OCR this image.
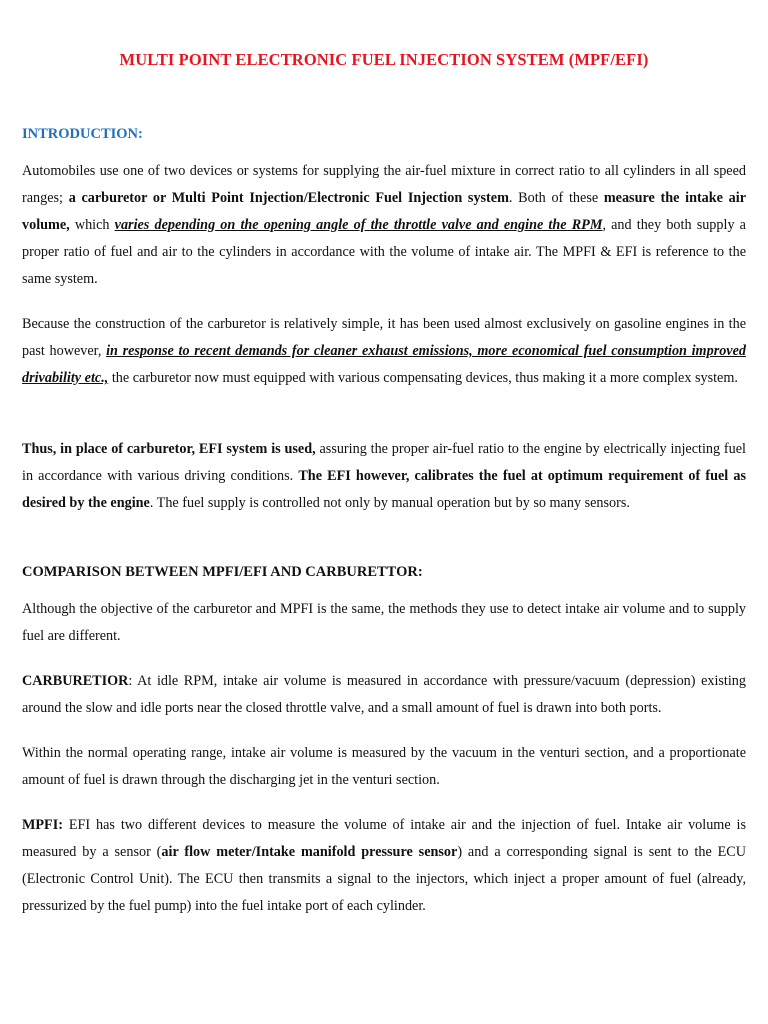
MULTI POINT ELECTRONIC FUEL INJECTION SYSTEM (MPF/EFI)
INTRODUCTION:
Automobiles use one of two devices or systems for supplying the air-fuel mixture in correct ratio to all cylinders in all speed ranges; a carburetor or Multi Point Injection/Electronic Fuel Injection system. Both of these measure the intake air volume, which varies depending on the opening angle of the throttle valve and engine the RPM, and they both supply a proper ratio of fuel and air to the cylinders in accordance with the volume of intake air. The MPFI & EFI is reference to the same system.
Because the construction of the carburetor is relatively simple, it has been used almost exclusively on gasoline engines in the past however, in response to recent demands for cleaner exhaust emissions, more economical fuel consumption improved drivability etc., the carburetor now must equipped with various compensating devices, thus making it a more complex system.
Thus, in place of carburetor, EFI system is used, assuring the proper air-fuel ratio to the engine by electrically injecting fuel in accordance with various driving conditions. The EFI however, calibrates the fuel at optimum requirement of fuel as desired by the engine. The fuel supply is controlled not only by manual operation but by so many sensors.
COMPARISON BETWEEN MPFI/EFI AND CARBURETTOR:
Although the objective of the carburetor and MPFI is the same, the methods they use to detect intake air volume and to supply fuel are different.
CARBURETIOR: At idle RPM, intake air volume is measured in accordance with pressure/vacuum (depression) existing around the slow and idle ports near the closed throttle valve, and a small amount of fuel is drawn into both ports.
Within the normal operating range, intake air volume is measured by the vacuum in the venturi section, and a proportionate amount of fuel is drawn through the discharging jet in the venturi section.
MPFI: EFI has two different devices to measure the volume of intake air and the injection of fuel. Intake air volume is measured by a sensor (air flow meter/Intake manifold pressure sensor) and a corresponding signal is sent to the ECU (Electronic Control Unit). The ECU then transmits a signal to the injectors, which inject a proper amount of fuel (already, pressurized by the fuel pump) into the fuel intake port of each cylinder.
